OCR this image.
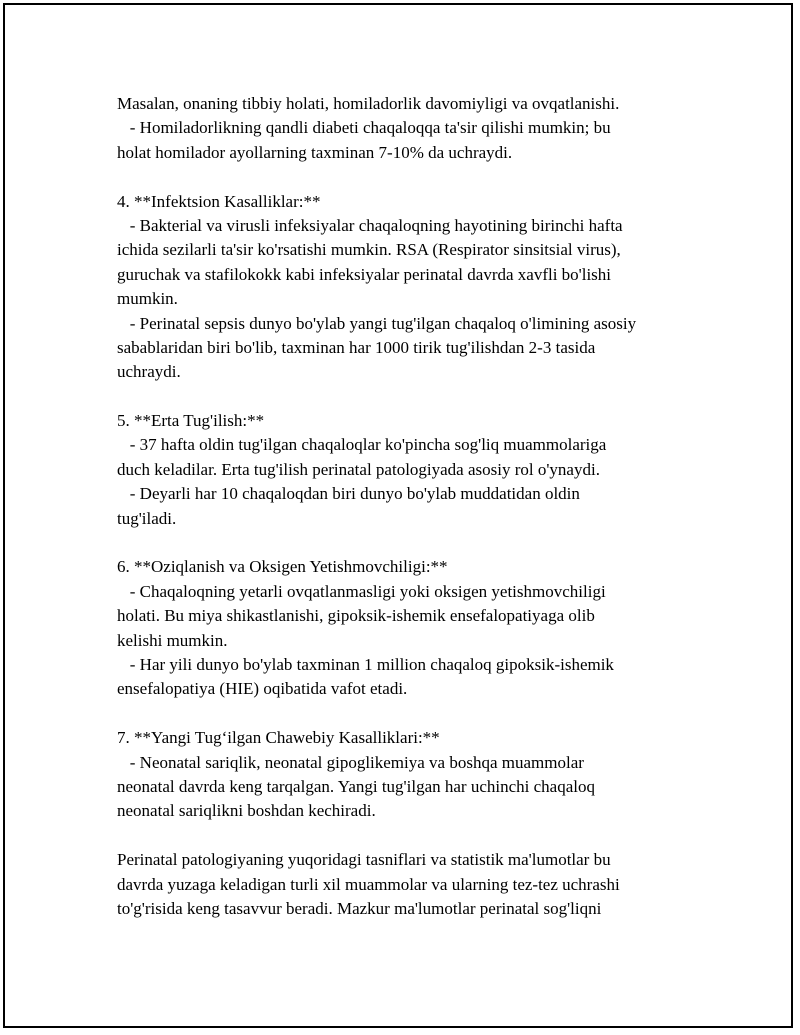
Masalan, onaning tibbiy holati, homiladorlik davomiyligi va ovqatlanishi.
- Homiladorlikning qandli diabeti chaqaloqqa ta'sir qilishi mumkin; bu
holat homilador ayollarning taxminan 7-10% da uchraydi.
4. **Infektsion Kasalliklar:**
- Bakterial va virusli infeksiyalar chaqaloqning hayotining birinchi hafta
ichida sezilarli ta'sir ko'rsatishi mumkin. RSA (Respirator sinsitsial virus),
guruchak va stafilokokk kabi infeksiyalar perinatal davrda xavfli bo'lishi
mumkin.
- Perinatal sepsis dunyo bo'ylab yangi tug'ilgan chaqaloq o'limining asosiy
sabablaridan biri bo'lib, taxminan har 1000 tirik tug'ilishdan 2-3 tasida
uchraydi.
5. **Erta Tug'ilish:**
- 37 hafta oldin tug'ilgan chaqaloqlar ko'pincha sog'liq muammolariga
duch keladilar. Erta tug'ilish perinatal patologiyada asosiy rol o'ynaydi.
- Deyarli har 10 chaqaloqdan biri dunyo bo'ylab muddatidan oldin
tug'iladi.
6. **Oziqlanish va Oksigen Yetishmovchiligi:**
- Chaqaloqning yetarli ovqatlanmasligi yoki oksigen yetishmovchiligi
holati. Bu miya shikastlanishi, gipoksik-ishemik ensefalopatiyaga olib
kelishi mumkin.
- Har yili dunyo bo'ylab taxminan 1 million chaqaloq gipoksik-ishemik
ensefalopatiya (HIE) oqibatida vafot etadi.
7. **Yangi Tug‘ilgan Chawebiy Kasalliklari:**
- Neonatal sariqlik, neonatal gipoglikemiya va boshqa muammolar
neonatal davrda keng tarqalgan. Yangi tug'ilgan har uchinchi chaqaloq
neonatal sariqlikni boshdan kechiradi.
Perinatal patologiyaning yuqoridagi tasniflari va statistik ma'lumotlar bu
davrda yuzaga keladigan turli xil muammolar va ularning tez-tez uchrashi
to'g'risida keng tasavvur beradi. Mazkur ma'lumotlar perinatal sog'liqni
